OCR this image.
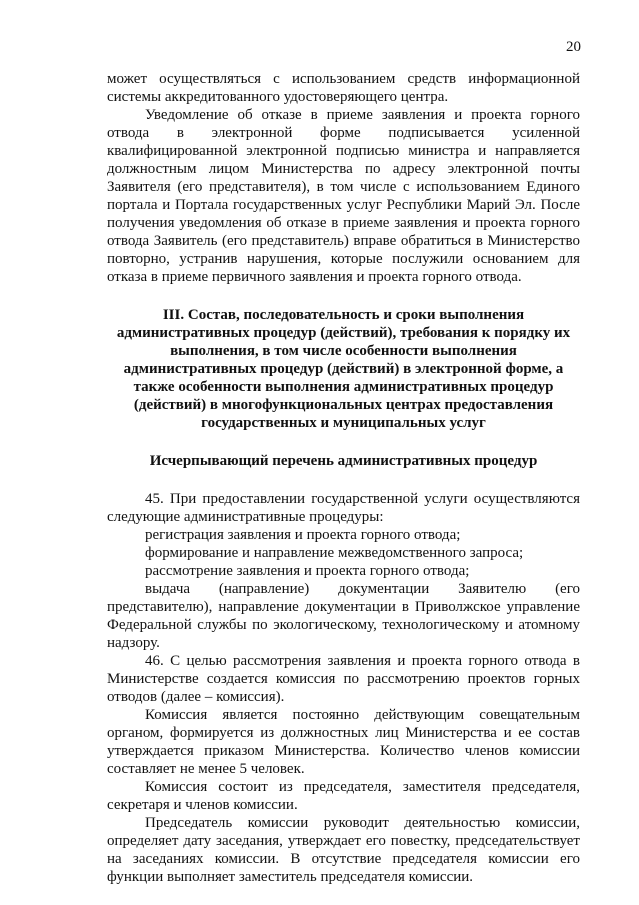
20

может осуществляться с использованием средств информационной системы аккредитованного удостоверяющего центра.

Уведомление об отказе в приеме заявления и проекта горного отвода в электронной форме подписывается усиленной квалифицированной электронной подписью министра и направляется должностным лицом Министерства по адресу электронной почты Заявителя (его представителя), в том числе с использованием Единого портала и Портала государственных услуг Республики Марий Эл. После получения уведомления об отказе в приеме заявления и проекта горного отвода Заявитель (его представитель) вправе обратиться в Министерство повторно, устранив нарушения, которые послужили основанием для отказа в приеме первичного заявления и проекта горного отвода.

III. Состав, последовательность и сроки выполнения административных процедур (действий), требования к порядку их выполнения, в том числе особенности выполнения административных процедур (действий) в электронной форме, а также особенности выполнения административных процедур (действий) в многофункциональных центрах предоставления государственных и муниципальных услуг

Исчерпывающий перечень административных процедур

45. При предоставлении государственной услуги осуществляются следующие административные процедуры:

регистрация заявления и проекта горного отвода;

формирование и направление межведомственного запроса;

рассмотрение заявления и проекта горного отвода;

выдача (направление) документации Заявителю (его представителю), направление документации в Приволжское управление Федеральной службы по экологическому, технологическому и атомному надзору.

46. С целью рассмотрения заявления и проекта горного отвода в Министерстве создается комиссия по рассмотрению проектов горных отводов (далее – комиссия).

Комиссия является постоянно действующим совещательным органом, формируется из должностных лиц Министерства и ее состав утверждается приказом Министерства. Количество членов комиссии составляет не менее 5 человек.

Комиссия состоит из председателя, заместителя председателя, секретаря и членов комиссии.

Председатель комиссии руководит деятельностью комиссии, определяет дату заседания, утверждает его повестку, председательствует на заседаниях комиссии. В отсутствие председателя комиссии его функции выполняет заместитель председателя комиссии.
